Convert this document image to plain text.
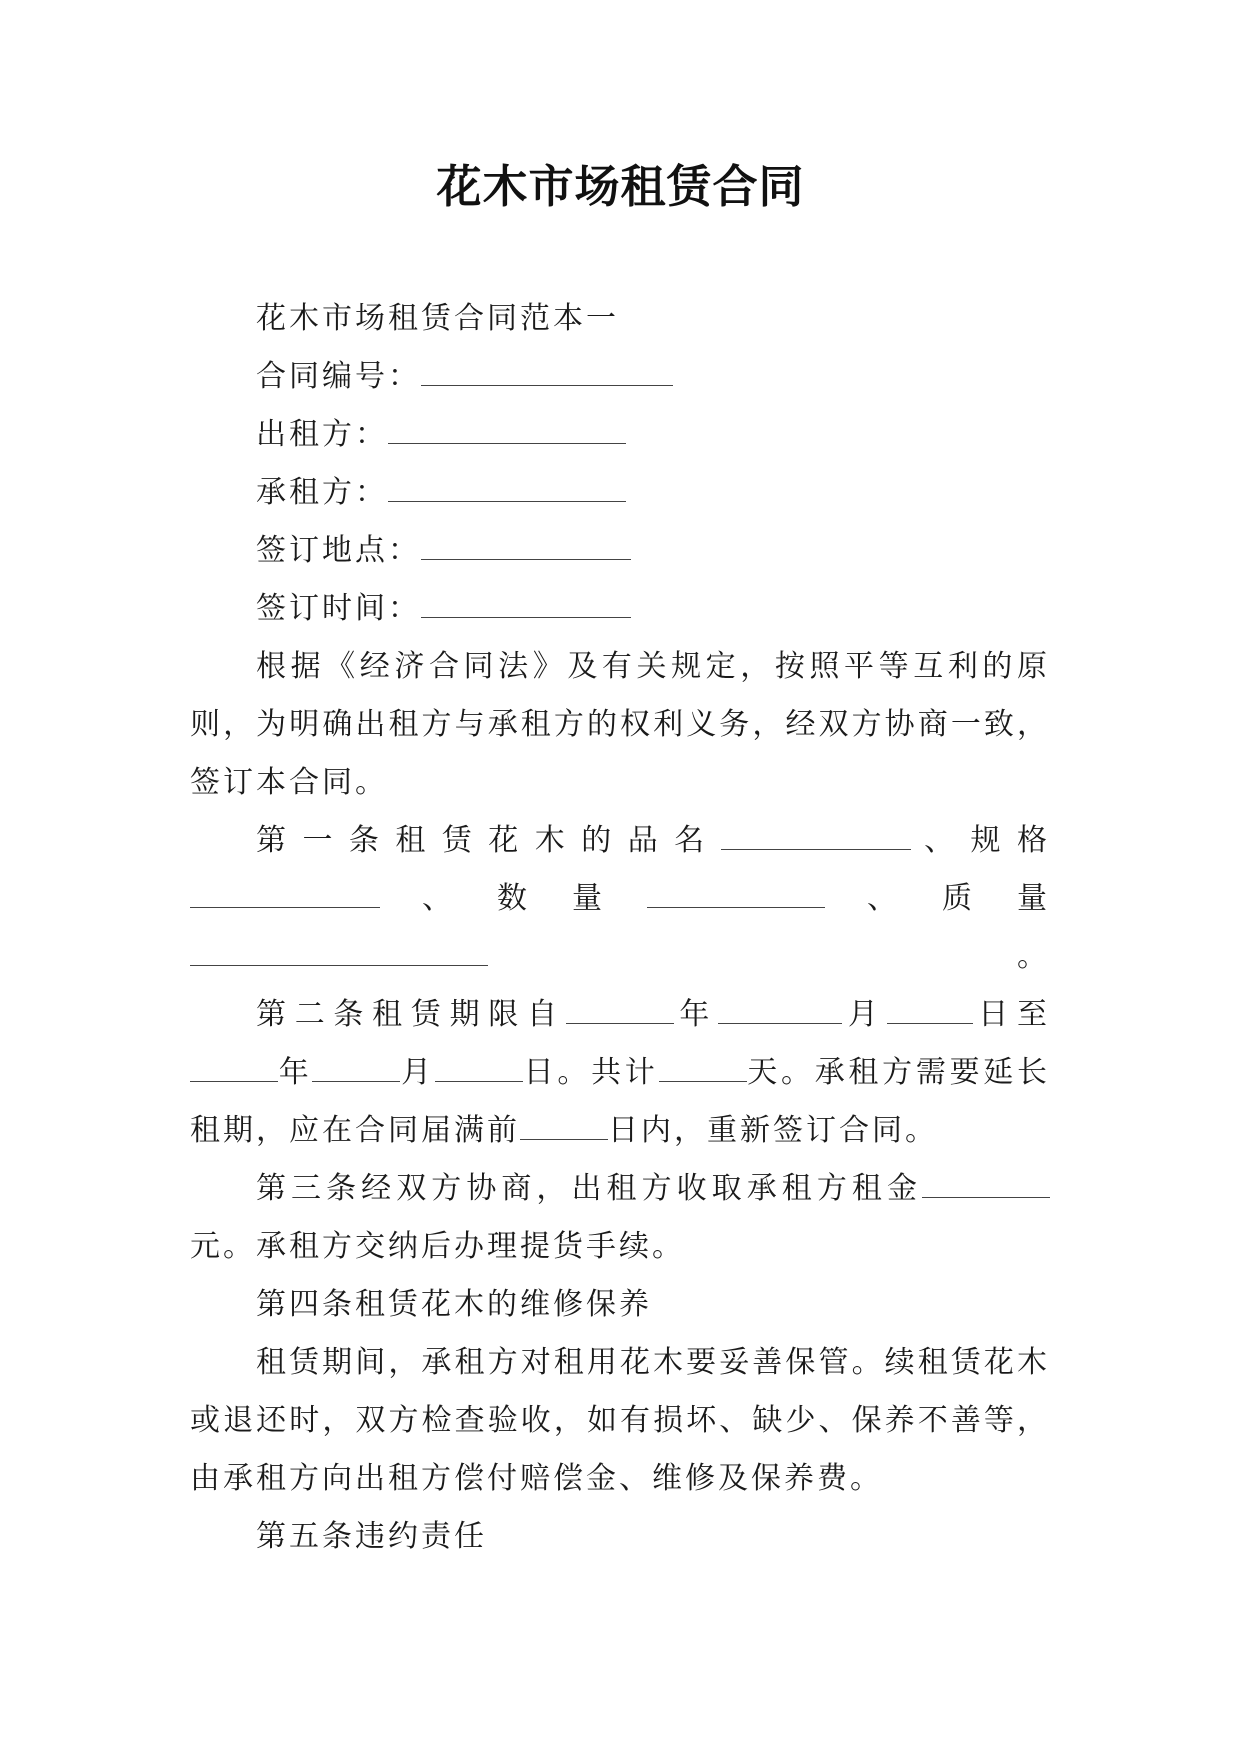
花木市场租赁合同

花木市场租赁合同范本一

合同编号：

出租方：

承租方：

签订地点：

签订时间：

根据《经济合同法》及有关规定，按照平等互利的原则，为明确出租方与承租方的权利义务，经双方协商一致，签订本合同。

第一条租赁花木的品名	、规格、数量	、质量。

第二条租赁期限自	年	月	日至年	月	日。共计	天。承租方需要延长租期，应在合同届满前	日内，重新签订合同。

第三条经双方协商，出租方收取承租方租金元。承租方交纳后办理提货手续。

第四条租赁花木的维修保养

租赁期间，承租方对租用花木要妥善保管。续租赁花木或退还时，双方检查验收，如有损坏、缺少、保养不善等，由承租方向出租方偿付赔偿金、维修及保养费。

第五条违约责任
